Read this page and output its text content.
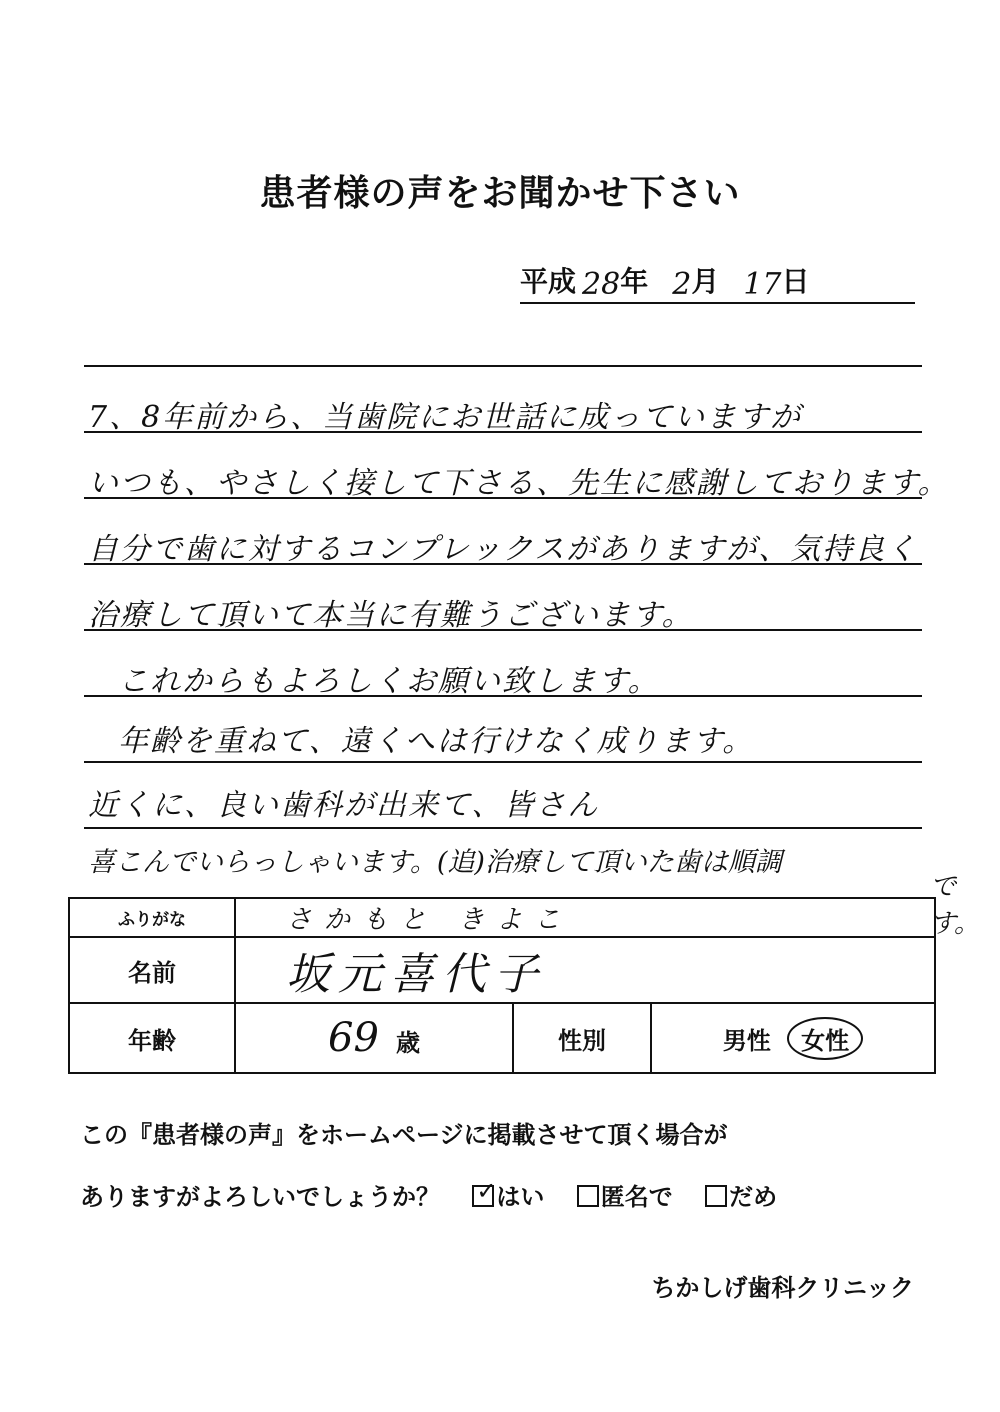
患者様の声をお聞かせ下さい
平成 28 年 2 月 17 日
7、8年前から、当歯院にお世話に成っていますが
いつも、やさしく接して下さる、先生に感謝しております。
自分で歯に対するコンプレックスがありますが、気持良く
治療して頂いて本当に有難うございます。
これからもよろしくお願い致します。
年齢を重ねて、遠くへは行けなく成ります。
近くに、良い歯科が出来て、皆さん
喜こんでいらっしゃいます。(追)治療して頂いた歯は順調
です。
ふりがな	さかもと きよこ		
名前	坂元喜代子		
年齢	69 歳	性別	男性 女性
この『患者様の声』をホームページに掲載させて頂く場合が
ありますがよろしいでしょうか？ ✓ はい 匿名で だめ
ちかしげ歯科クリニック
